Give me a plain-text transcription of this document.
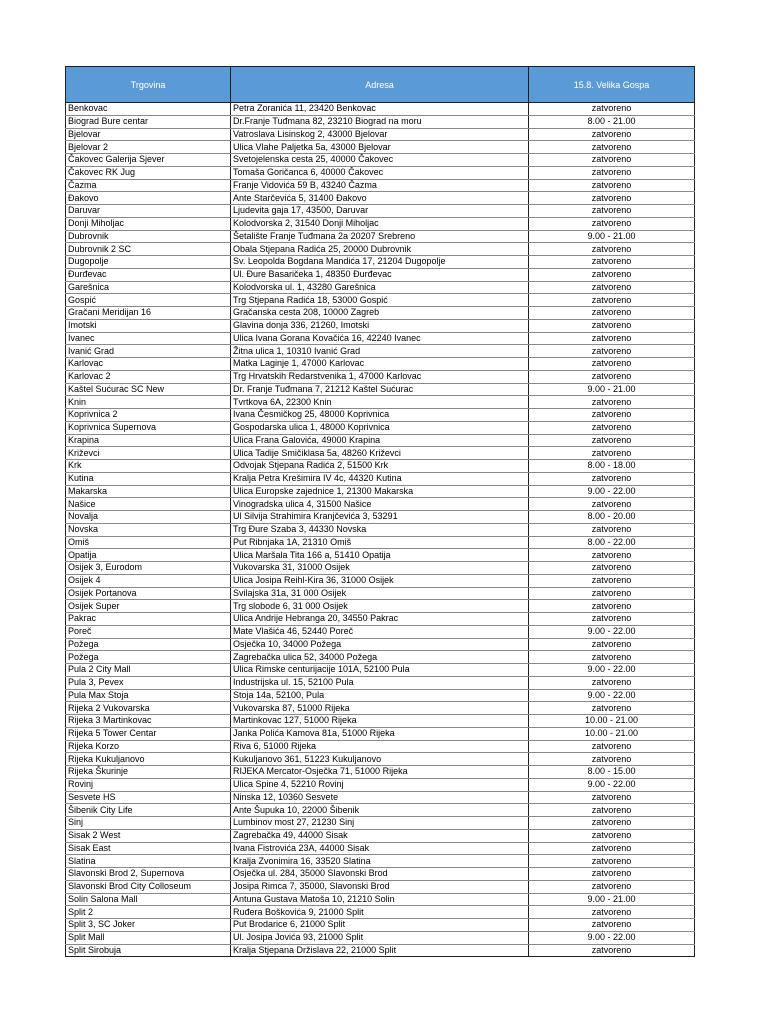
Trgovina	Adresa	15.8. Velika Gospa
Benkovac	Petra Zoranića 11, 23420 Benkovac	zatvoreno
Biograd Bure centar	Dr.Franje Tuđmana 82, 23210 Biograd na moru	8.00 - 21.00
Bjelovar	Vatroslava Lisinskog 2, 43000 Bjelovar	zatvoreno
Bjelovar 2	Ulica Vlahe Paljetka 5a, 43000 Bjelovar	zatvoreno
Čakovec Galerija Sjever	Svetojelenska cesta 25, 40000 Čakovec	zatvoreno
Čakovec RK Jug	Tomaša Goričanca 6, 40000 Čakovec	zatvoreno
Čazma	Franje Vidovića 59 B, 43240 Čazma	zatvoreno
Đakovo	Ante Starčevića 5, 31400 Đakovo	zatvoreno
Daruvar	Ljudevita gaja 17, 43500, Daruvar	zatvoreno
Donji Miholjac	Kolodvorska 2, 31540 Donji Miholjac	zatvoreno
Dubrovnik	Šetalište Franje Tuđmana 2a 20207 Srebreno	9.00 - 21.00
Dubrovnik 2 SC	Obala Stjepana Radića 25, 20000 Dubrovnik	zatvoreno
Dugopolje	Sv. Leopolda Bogdana Mandića 17, 21204 Dugopolje	zatvoreno
Đurđevac	Ul. Đure Basaričeka 1, 48350 Đurđevac	zatvoreno
Garešnica	Kolodvorska ul. 1, 43280 Garešnica	zatvoreno
Gospić	Trg Stjepana Radića 18, 53000 Gospić	zatvoreno
Gračani Meridijan 16	Gračanska cesta 208, 10000 Zagreb	zatvoreno
Imotski	Glavina donja 336, 21260, Imotski	zatvoreno
Ivanec	Ulica Ivana Gorana Kovačića 16, 42240 Ivanec	zatvoreno
Ivanić Grad	Žitna ulica 1, 10310 Ivanić Grad	zatvoreno
Karlovac	Matka Laginje 1, 47000 Karlovac	zatvoreno
Karlovac 2	Trg Hrvatskih Redarstvenika 1, 47000 Karlovac	zatvoreno
Kaštel Sućurac SC New	Dr. Franje Tuđmana 7, 21212 Kaštel Sućurac	9.00 - 21.00
Knin	Tvrtkova 6A, 22300 Knin	zatvoreno
Koprivnica 2	Ivana Česmičkog 25, 48000 Koprivnica	zatvoreno
Koprivnica Supernova	Gospodarska ulica 1, 48000 Koprivnica	zatvoreno
Krapina	Ulica Frana Galovića, 49000 Krapina	zatvoreno
Križevci	Ulica Tadije Smičiklasa 5a, 48260 Križevci	zatvoreno
Krk	Odvojak Stjepana Radića 2, 51500 Krk	8.00 - 18.00
Kutina	Kralja Petra Krešimira IV 4c, 44320 Kutina	zatvoreno
Makarska	Ulica Europske zajednice 1, 21300 Makarska	9.00 - 22.00
Našice	Vinogradska ulica 4, 31500 Našice	zatvoreno
Novalja	Ul Silvija Strahimira Kranjčevića 3, 53291	8.00 - 20.00
Novska	Trg Đure Szaba 3, 44330 Novska	zatvoreno
Omiš	Put Ribnjaka 1A, 21310 Omiš	8.00 - 22.00
Opatija	Ulica Maršala Tita 166 a, 51410 Opatija	zatvoreno
Osijek 3, Eurodom	Vukovarska 31, 31000 Osijek	zatvoreno
Osijek 4	Ulica Josipa Reihl-Kira 36, 31000 Osijek	zatvoreno
Osijek Portanova	Svilajska 31a, 31 000 Osijek	zatvoreno
Osijek Super	Trg slobode 6, 31 000 Osijek	zatvoreno
Pakrac	Ulica Andrije Hebranga 20, 34550 Pakrac	zatvoreno
Poreč	Mate Vlašića 46, 52440 Poreč	9.00 - 22.00
Požega	Osječka 10, 34000 Požega	zatvoreno
Požega	Zagrebačka ulica 52, 34000 Požega	zatvoreno
Pula 2 City Mall	Ulica Rimske centurijacije 101A, 52100 Pula	9.00 - 22.00
Pula 3, Pevex	Industrijska ul. 15, 52100 Pula	zatvoreno
Pula Max Stoja	Stoja 14a, 52100, Pula	9.00 - 22.00
Rijeka 2 Vukovarska	Vukovarska 87, 51000 Rijeka	zatvoreno
Rijeka 3 Martinkovac	Martinkovac 127, 51000 Rijeka	10.00 - 21.00
Rijeka 5 Tower Centar	Janka Polića Kamova 81a, 51000 Rijeka	10.00 - 21.00
Rijeka Korzo	Riva 6, 51000 Rijeka	zatvoreno
Rijeka Kukuljanovo	Kukuljanovo 361, 51223 Kukuljanovo	zatvoreno
Rijeka Škurinje	RIJEKA Mercator-Osječka 71, 51000 Rijeka	8.00 - 15.00
Rovinj	Ulica Spine 4, 52210 Rovinj	9.00 - 22.00
Sesvete HS	Ninska 12, 10360 Sesvete	zatvoreno
Šibenik City Life	Ante Šupuka 10, 22000 Šibenik	zatvoreno
Sinj	Lumbinov most 27, 21230 Sinj	zatvoreno
Sisak 2 West	Zagrebačka 49, 44000 Sisak	zatvoreno
Sisak East	Ivana Fistrovića 23A, 44000 Sisak	zatvoreno
Slatina	Kralja Zvonimira 16, 33520 Slatina	zatvoreno
Slavonski Brod 2, Supernova	Osječka ul. 284, 35000 Slavonski Brod	zatvoreno
Slavonski Brod City Colloseum	Josipa Rimca 7, 35000, Slavonski Brod	zatvoreno
Solin Salona Mall	Antuna Gustava Matoša 10, 21210 Solin	9.00 - 21.00
Split 2	Ruđera Boškovića 9, 21000 Split	zatvoreno
Split 3, SC Joker	Put Brodarice 6, 21000 Split	zatvoreno
Split Mall	Ul. Josipa Jovića 93, 21000 Split	9.00 - 22.00
Split Sirobuja	Kralja Stjepana Držislava 22, 21000 Split	zatvoreno
